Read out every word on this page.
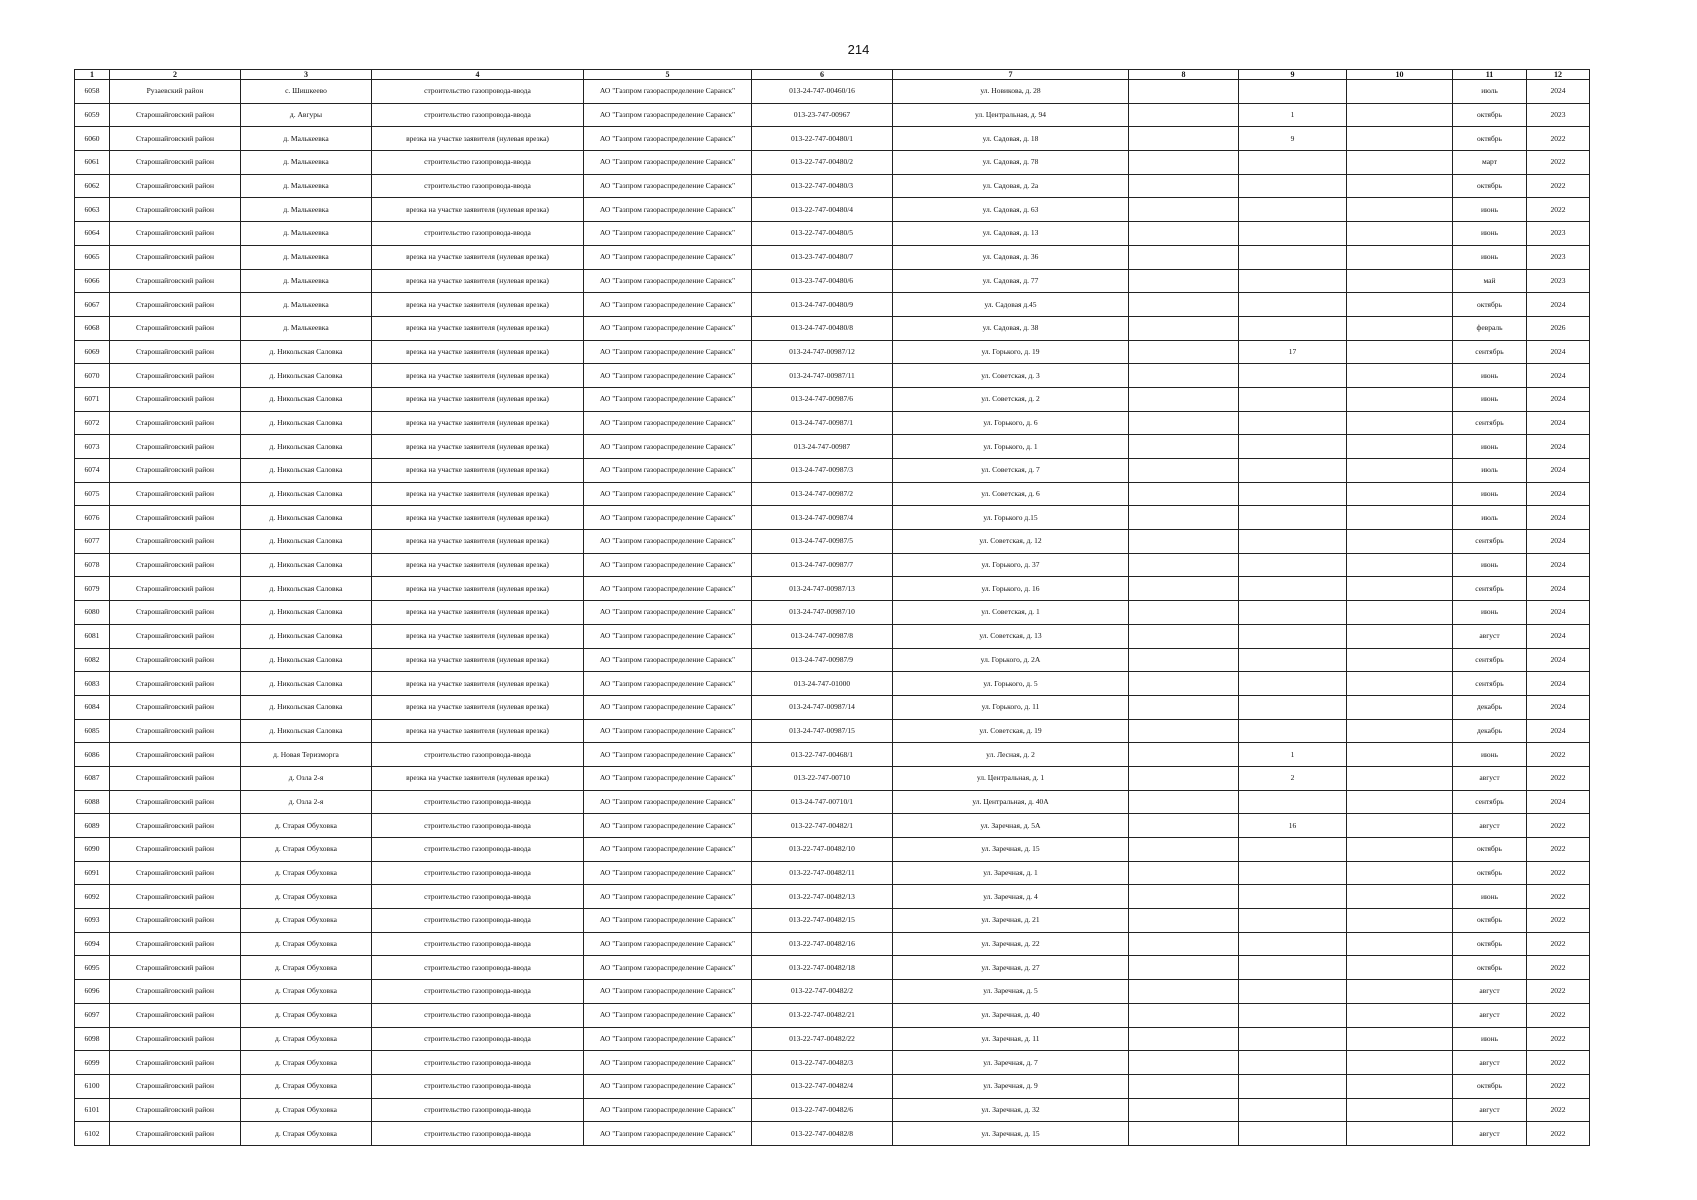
214
1	2	3	4	5	6	7	8	9	10	11	12
6058	Рузаевский район	с. Шишкеево	строительство газопровода-ввода	АО "Газпром газораспределение Саранск"	013-24-747-00460/16	ул. Новикова, д. 28				июль	2024
6059	Старошайговский район	д. Авгуры	строительство газопровода-ввода	АО "Газпром газораспределение Саранск"	013-23-747-00967	ул. Центральная, д. 94		1		октябрь	2023
6060	Старошайговский район	д. Малькеевка	врезка на участке заявителя (нулевая врезка)	АО "Газпром газораспределение Саранск"	013-22-747-00480/1	ул. Садовая, д. 18		9		октябрь	2022
6061	Старошайговский район	д. Малькеевка	строительство газопровода-ввода	АО "Газпром газораспределение Саранск"	013-22-747-00480/2	ул. Садовая, д. 78				март	2022
6062	Старошайговский район	д. Малькеевка	строительство газопровода-ввода	АО "Газпром газораспределение Саранск"	013-22-747-00480/3	ул. Садовая, д. 2а				октябрь	2022
6063	Старошайговский район	д. Малькеевка	врезка на участке заявителя (нулевая врезка)	АО "Газпром газораспределение Саранск"	013-22-747-00480/4	ул. Садовая, д. 63				июнь	2022
6064	Старошайговский район	д. Малькеевка	строительство газопровода-ввода	АО "Газпром газораспределение Саранск"	013-22-747-00480/5	ул. Садовая, д. 13				июнь	2023
6065	Старошайговский район	д. Малькеевка	врезка на участке заявителя (нулевая врезка)	АО "Газпром газораспределение Саранск"	013-23-747-00480/7	ул. Садовая, д. 36				июнь	2023
6066	Старошайговский район	д. Малькеевка	врезка на участке заявителя (нулевая врезка)	АО "Газпром газораспределение Саранск"	013-23-747-00480/6	ул. Садовая, д. 77				май	2023
6067	Старошайговский район	д. Малькеевка	врезка на участке заявителя (нулевая врезка)	АО "Газпром газораспределение Саранск"	013-24-747-00480/9	ул. Садовая д.45				октябрь	2024
6068	Старошайговский район	д. Малькеевка	врезка на участке заявителя (нулевая врезка)	АО "Газпром газораспределение Саранск"	013-24-747-00480/8	ул. Садовая, д. 38				февраль	2026
6069	Старошайговский район	д. Никольская Саловка	врезка на участке заявителя (нулевая врезка)	АО "Газпром газораспределение Саранск"	013-24-747-00987/12	ул. Горького, д. 19		17		сентябрь	2024
6070	Старошайговский район	д. Никольская Саловка	врезка на участке заявителя (нулевая врезка)	АО "Газпром газораспределение Саранск"	013-24-747-00987/11	ул. Советская, д. 3				июнь	2024
6071	Старошайговский район	д. Никольская Саловка	врезка на участке заявителя (нулевая врезка)	АО "Газпром газораспределение Саранск"	013-24-747-00987/6	ул. Советская, д. 2				июнь	2024
6072	Старошайговский район	д. Никольская Саловка	врезка на участке заявителя (нулевая врезка)	АО "Газпром газораспределение Саранск"	013-24-747-00987/1	ул. Горького, д. 6				сентябрь	2024
6073	Старошайговский район	д. Никольская Саловка	врезка на участке заявителя (нулевая врезка)	АО "Газпром газораспределение Саранск"	013-24-747-00987	ул. Горького, д. 1				июнь	2024
6074	Старошайговский район	д. Никольская Саловка	врезка на участке заявителя (нулевая врезка)	АО "Газпром газораспределение Саранск"	013-24-747-00987/3	ул. Советская, д. 7				июль	2024
6075	Старошайговский район	д. Никольская Саловка	врезка на участке заявителя (нулевая врезка)	АО "Газпром газораспределение Саранск"	013-24-747-00987/2	ул. Советская, д. 6				июнь	2024
6076	Старошайговский район	д. Никольская Саловка	врезка на участке заявителя (нулевая врезка)	АО "Газпром газораспределение Саранск"	013-24-747-00987/4	ул. Горького д.15				июль	2024
6077	Старошайговский район	д. Никольская Саловка	врезка на участке заявителя (нулевая врезка)	АО "Газпром газораспределение Саранск"	013-24-747-00987/5	ул. Советская, д. 12				сентябрь	2024
6078	Старошайговский район	д. Никольская Саловка	врезка на участке заявителя (нулевая врезка)	АО "Газпром газораспределение Саранск"	013-24-747-00987/7	ул. Горького, д. 37				июнь	2024
6079	Старошайговский район	д. Никольская Саловка	врезка на участке заявителя (нулевая врезка)	АО "Газпром газораспределение Саранск"	013-24-747-00987/13	ул. Горького, д. 16				сентябрь	2024
6080	Старошайговский район	д. Никольская Саловка	врезка на участке заявителя (нулевая врезка)	АО "Газпром газораспределение Саранск"	013-24-747-00987/10	ул. Советская, д. 1				июнь	2024
6081	Старошайговский район	д. Никольская Саловка	врезка на участке заявителя (нулевая врезка)	АО "Газпром газораспределение Саранск"	013-24-747-00987/8	ул. Советская, д. 13				август	2024
6082	Старошайговский район	д. Никольская Саловка	врезка на участке заявителя (нулевая врезка)	АО "Газпром газораспределение Саранск"	013-24-747-00987/9	ул. Горького, д. 2А				сентябрь	2024
6083	Старошайговский район	д. Никольская Саловка	врезка на участке заявителя (нулевая врезка)	АО "Газпром газораспределение Саранск"	013-24-747-01000	ул. Горького, д. 5				сентябрь	2024
6084	Старошайговский район	д. Никольская Саловка	врезка на участке заявителя (нулевая врезка)	АО "Газпром газораспределение Саранск"	013-24-747-00987/14	ул. Горького, д. 11				декабрь	2024
6085	Старошайговский район	д. Никольская Саловка	врезка на участке заявителя (нулевая врезка)	АО "Газпром газораспределение Саранск"	013-24-747-00987/15	ул. Советская, д. 19				декабрь	2024
6086	Старошайговский район	д. Новая Теризморга	строительство газопровода-ввода	АО "Газпром газораспределение Саранск"	013-22-747-00468/1	ул. Лесная, д. 2		1		июнь	2022
6087	Старошайговский район	д. Озла 2-я	врезка на участке заявителя (нулевая врезка)	АО "Газпром газораспределение Саранск"	013-22-747-00710	ул. Центральная, д. 1		2		август	2022
6088	Старошайговский район	д. Озла 2-я	строительство газопровода-ввода	АО "Газпром газораспределение Саранск"	013-24-747-00710/1	ул. Центральная, д. 40А				сентябрь	2024
6089	Старошайговский район	д. Старая Обуховка	строительство газопровода-ввода	АО "Газпром газораспределение Саранск"	013-22-747-00482/1	ул. Заречная, д. 5А		16		август	2022
6090	Старошайговский район	д. Старая Обуховка	строительство газопровода-ввода	АО "Газпром газораспределение Саранск"	013-22-747-00482/10	ул. Заречная, д. 15				октябрь	2022
6091	Старошайговский район	д. Старая Обуховка	строительство газопровода-ввода	АО "Газпром газораспределение Саранск"	013-22-747-00482/11	ул. Заречная, д. 1				октябрь	2022
6092	Старошайговский район	д. Старая Обуховка	строительство газопровода-ввода	АО "Газпром газораспределение Саранск"	013-22-747-00482/13	ул. Заречная, д. 4				июнь	2022
6093	Старошайговский район	д. Старая Обуховка	строительство газопровода-ввода	АО "Газпром газораспределение Саранск"	013-22-747-00482/15	ул. Заречная, д. 21				октябрь	2022
6094	Старошайговский район	д. Старая Обуховка	строительство газопровода-ввода	АО "Газпром газораспределение Саранск"	013-22-747-00482/16	ул. Заречная, д. 22				октябрь	2022
6095	Старошайговский район	д. Старая Обуховка	строительство газопровода-ввода	АО "Газпром газораспределение Саранск"	013-22-747-00482/18	ул. Заречная, д. 27				октябрь	2022
6096	Старошайговский район	д. Старая Обуховка	строительство газопровода-ввода	АО "Газпром газораспределение Саранск"	013-22-747-00482/2	ул. Заречная, д. 5				август	2022
6097	Старошайговский район	д. Старая Обуховка	строительство газопровода-ввода	АО "Газпром газораспределение Саранск"	013-22-747-00482/21	ул. Заречная, д. 40				август	2022
6098	Старошайговский район	д. Старая Обуховка	строительство газопровода-ввода	АО "Газпром газораспределение Саранск"	013-22-747-00482/22	ул. Заречная, д. 11				июнь	2022
6099	Старошайговский район	д. Старая Обуховка	строительство газопровода-ввода	АО "Газпром газораспределение Саранск"	013-22-747-00482/3	ул. Заречная, д. 7				август	2022
6100	Старошайговский район	д. Старая Обуховка	строительство газопровода-ввода	АО "Газпром газораспределение Саранск"	013-22-747-00482/4	ул. Заречная, д. 9				октябрь	2022
6101	Старошайговский район	д. Старая Обуховка	строительство газопровода-ввода	АО "Газпром газораспределение Саранск"	013-22-747-00482/6	ул. Заречная, д. 32				август	2022
6102	Старошайговский район	д. Старая Обуховка	строительство газопровода-ввода	АО "Газпром газораспределение Саранск"	013-22-747-00482/8	ул. Заречная, д. 15				август	2022
